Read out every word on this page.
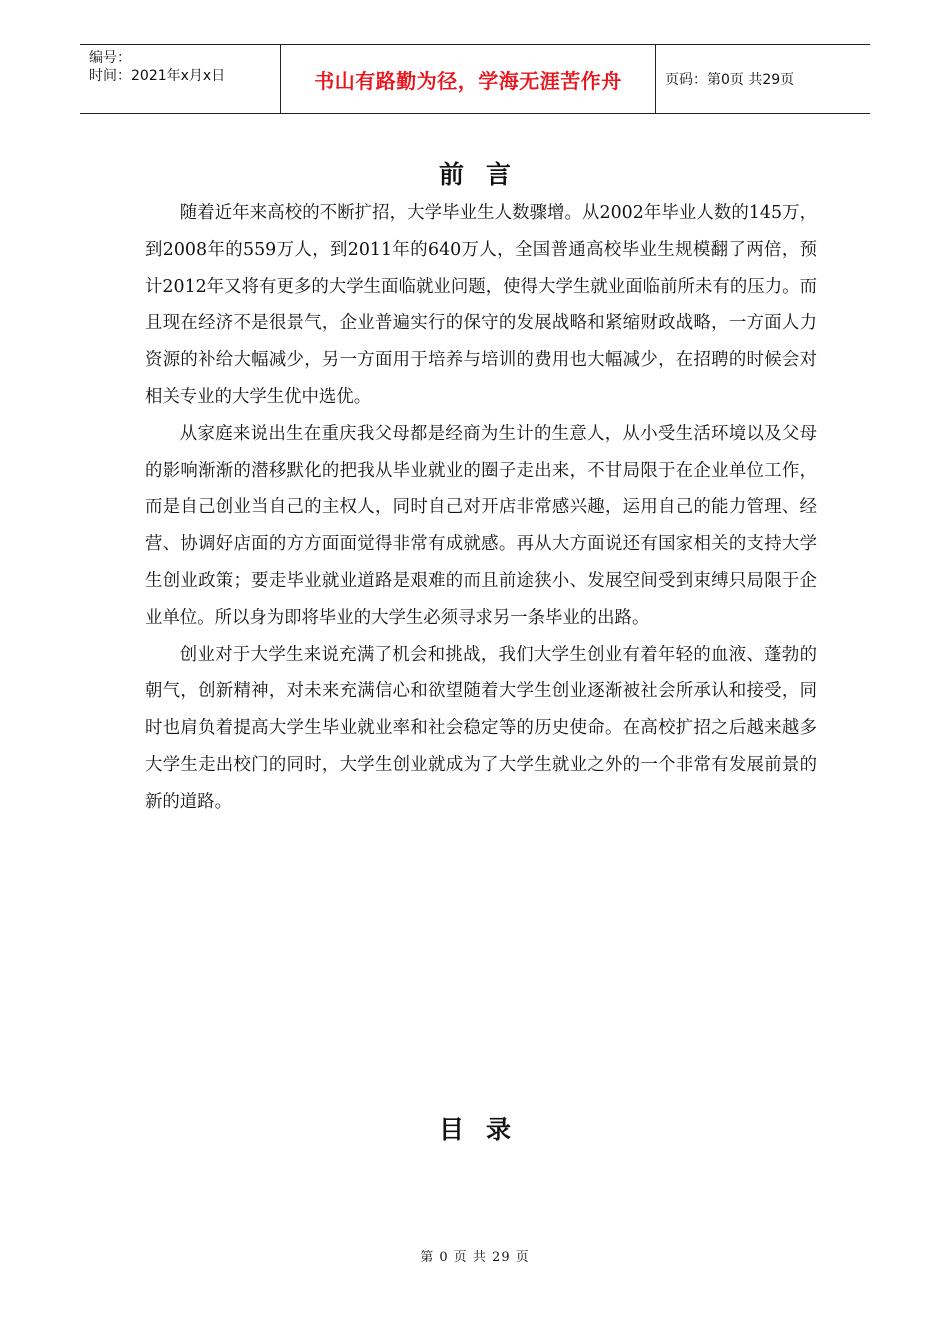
编号：
时间：2021年x月x日	书山有路勤为径，学海无涯苦作舟	页码：第0页 共29页
前言

随着近年来高校的不断扩招，大学毕业生人数骤增。从2002年毕业人数的145万，到2008年的559万人，到2011年的640万人，全国普通高校毕业生规模翻了两倍，预计2012年又将有更多的大学生面临就业问题，使得大学生就业面临前所未有的压力。而且现在经济不是很景气，企业普遍实行的保守的发展战略和紧缩财政战略，一方面人力资源的补给大幅减少，另一方面用于培养与培训的费用也大幅减少，在招聘的时候会对相关专业的大学生优中选优。

从家庭来说出生在重庆我父母都是经商为生计的生意人，从小受生活环境以及父母的影响渐渐的潜移默化的把我从毕业就业的圈子走出来，不甘局限于在企业单位工作，而是自己创业当自己的主权人，同时自己对开店非常感兴趣，运用自己的能力管理、经营、协调好店面的方方面面觉得非常有成就感。再从大方面说还有国家相关的支持大学生创业政策；要走毕业就业道路是艰难的而且前途狭小、发展空间受到束缚只局限于企业单位。所以身为即将毕业的大学生必须寻求另一条毕业的出路。

创业对于大学生来说充满了机会和挑战，我们大学生创业有着年轻的血液、蓬勃的朝气，创新精神，对未来充满信心和欲望随着大学生创业逐渐被社会所承认和接受，同时也肩负着提高大学生毕业就业率和社会稳定等的历史使命。在高校扩招之后越来越多大学生走出校门的同时，大学生创业就成为了大学生就业之外的一个非常有发展前景的新的道路。

目录
第 0 页 共 29 页
